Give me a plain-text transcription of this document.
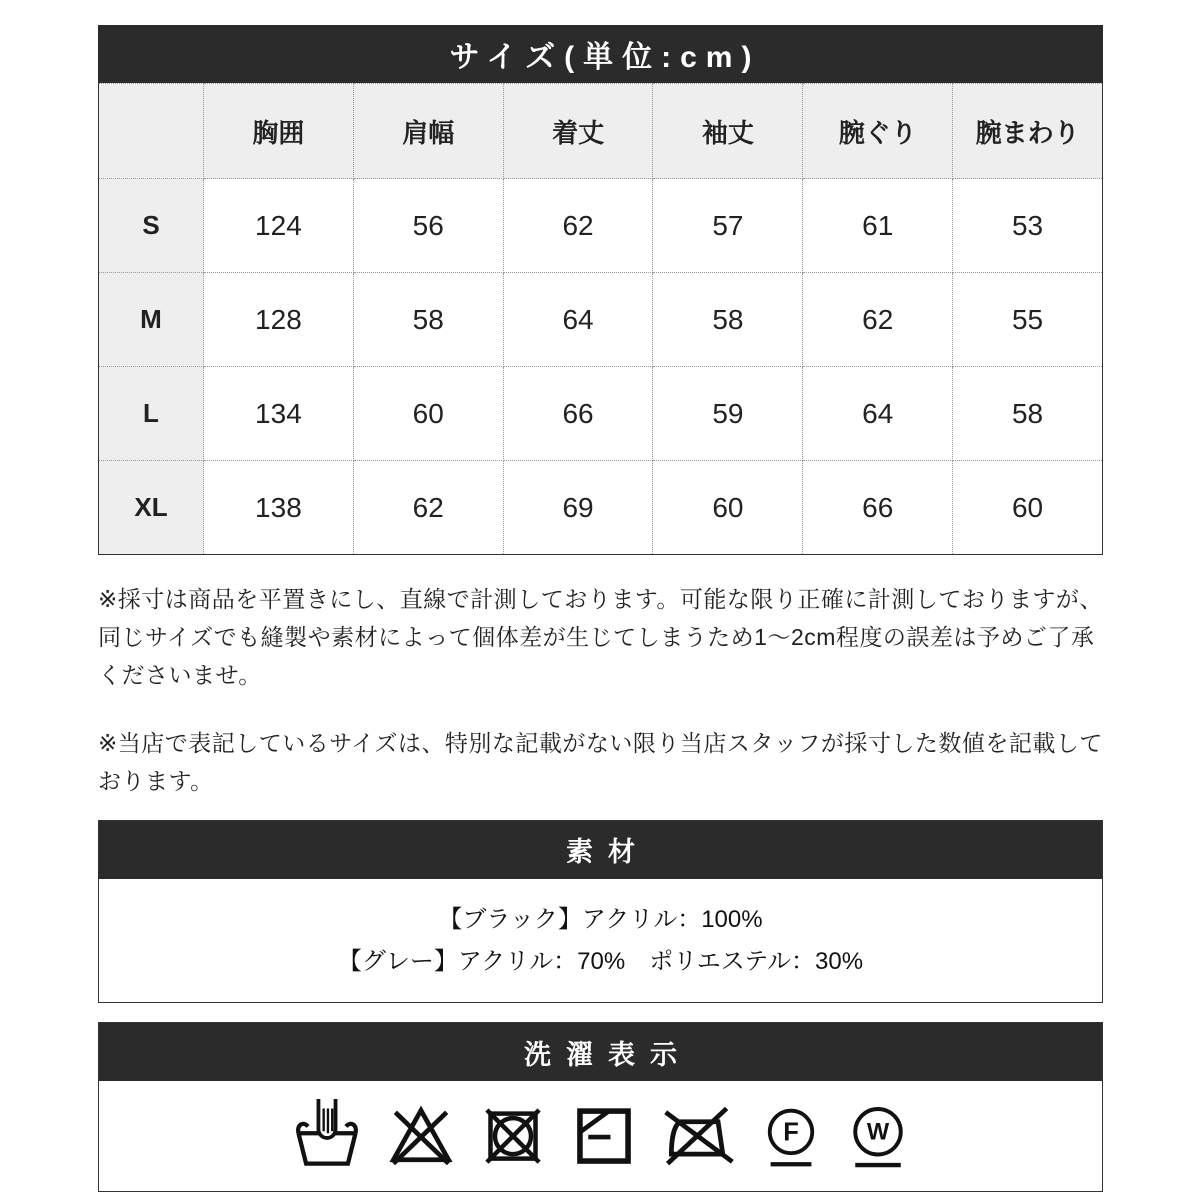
サイズ(単位:cm)
	胸囲	肩幅	着丈	袖丈	腕ぐり	腕まわり
S	124	56	62	57	61	53
M	128	58	64	58	62	55
L	134	60	66	59	64	58
XL	138	62	69	60	66	60

※採寸は商品を平置きにし、直線で計測しております。可能な限り正確に計測しておりますが、同じサイズでも縫製や素材によって個体差が生じてしまうため1〜2cm程度の誤差は予めご了承くださいませ。

※当店で表記しているサイズは、特別な記載がない限り当店スタッフが採寸した数値を記載しております。

素材

【ブラック】アクリル：100%

【グレー】アクリル：70%　ポリエステル：30%

洗濯表示
F	W
